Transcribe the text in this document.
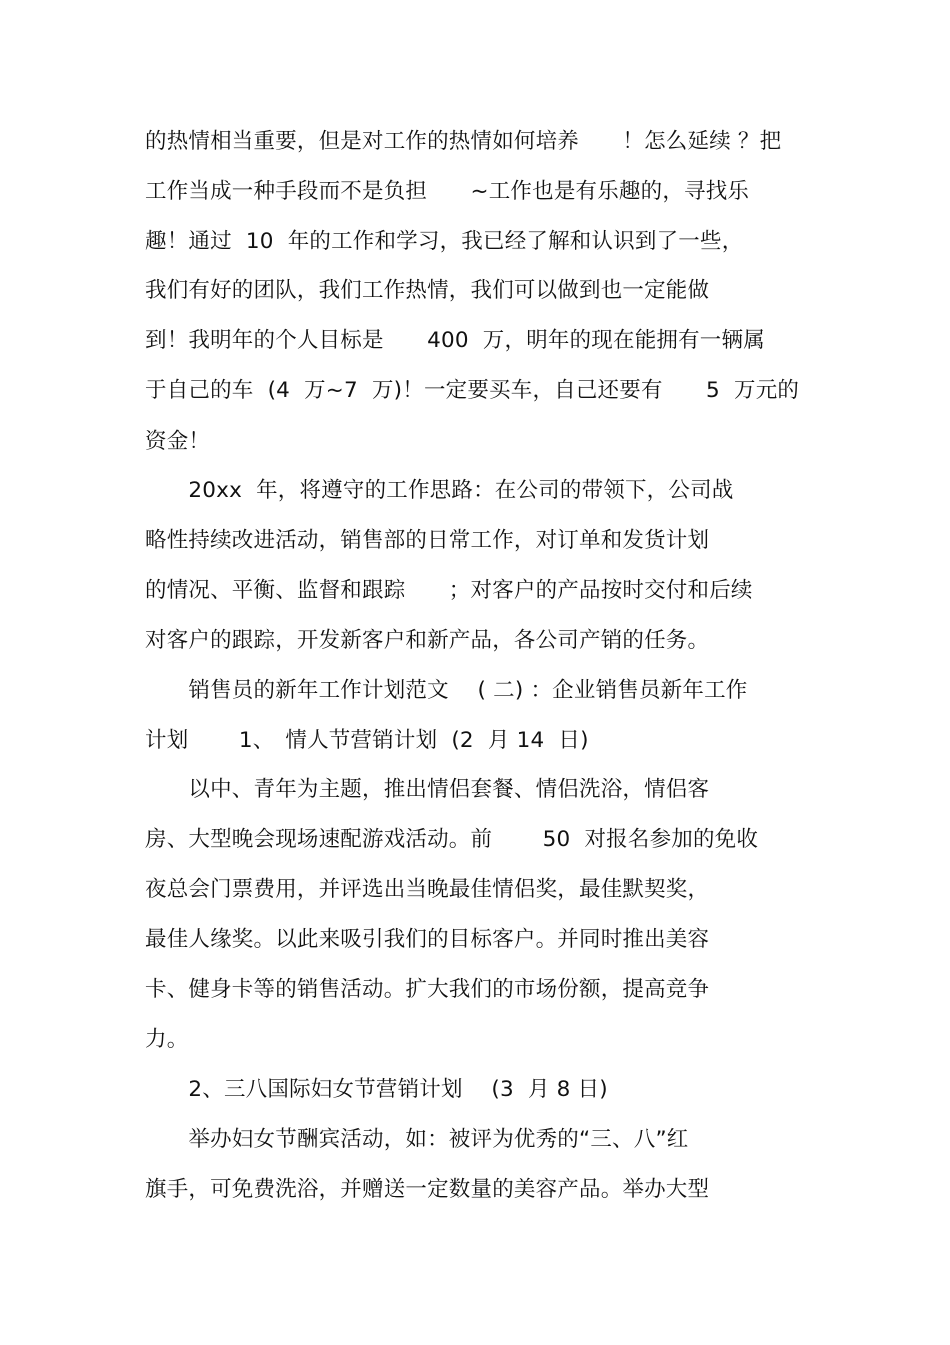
的热情相当重要，但是对工作的热情如何培养　　！怎么延续 ？把
工作当成一种手段而不是负担　　~工作也是有乐趣的，寻找乐
趣！通过  10  年的工作和学习，我已经了解和认识到了一些，
我们有好的团队，我们工作热情，我们可以做到也一定能做
到！我明年的个人目标是　　400  万，明年的现在能拥有一辆属
于自己的车  (4  万~7  万)！一定要买车，自己还要有　　5  万元的
资金！
　　20xx  年，将遵守的工作思路：在公司的带领下，公司战
略性持续改进活动，销售部的日常工作，对订单和发货计划
的情况、平衡、监督和跟踪　　；对客户的产品按时交付和后续
对客户的跟踪，开发新客户和新产品，各公司产销的任务。
　　销售员的新年工作计划范文　 ( 二) ：企业销售员新年工作
计划　　 1、　情人节营销计划  (2  月 14  日)
　　以中、青年为主题，推出情侣套餐、情侣洗浴，情侣客
房、大型晚会现场速配游戏活动。前　　 50  对报名参加的免收
夜总会门票费用，并评选出当晚最佳情侣奖，最佳默契奖，
最佳人缘奖。以此来吸引我们的目标客户。并同时推出美容
卡、健身卡等的销售活动。扩大我们的市场份额，提高竞争
力。
　　2、三八国际妇女节营销计划　 (3  月 8 日)
　　举办妇女节酬宾活动，如：被评为优秀的“三、八”红
旗手，可免费洗浴，并赠送一定数量的美容产品。举办大型
